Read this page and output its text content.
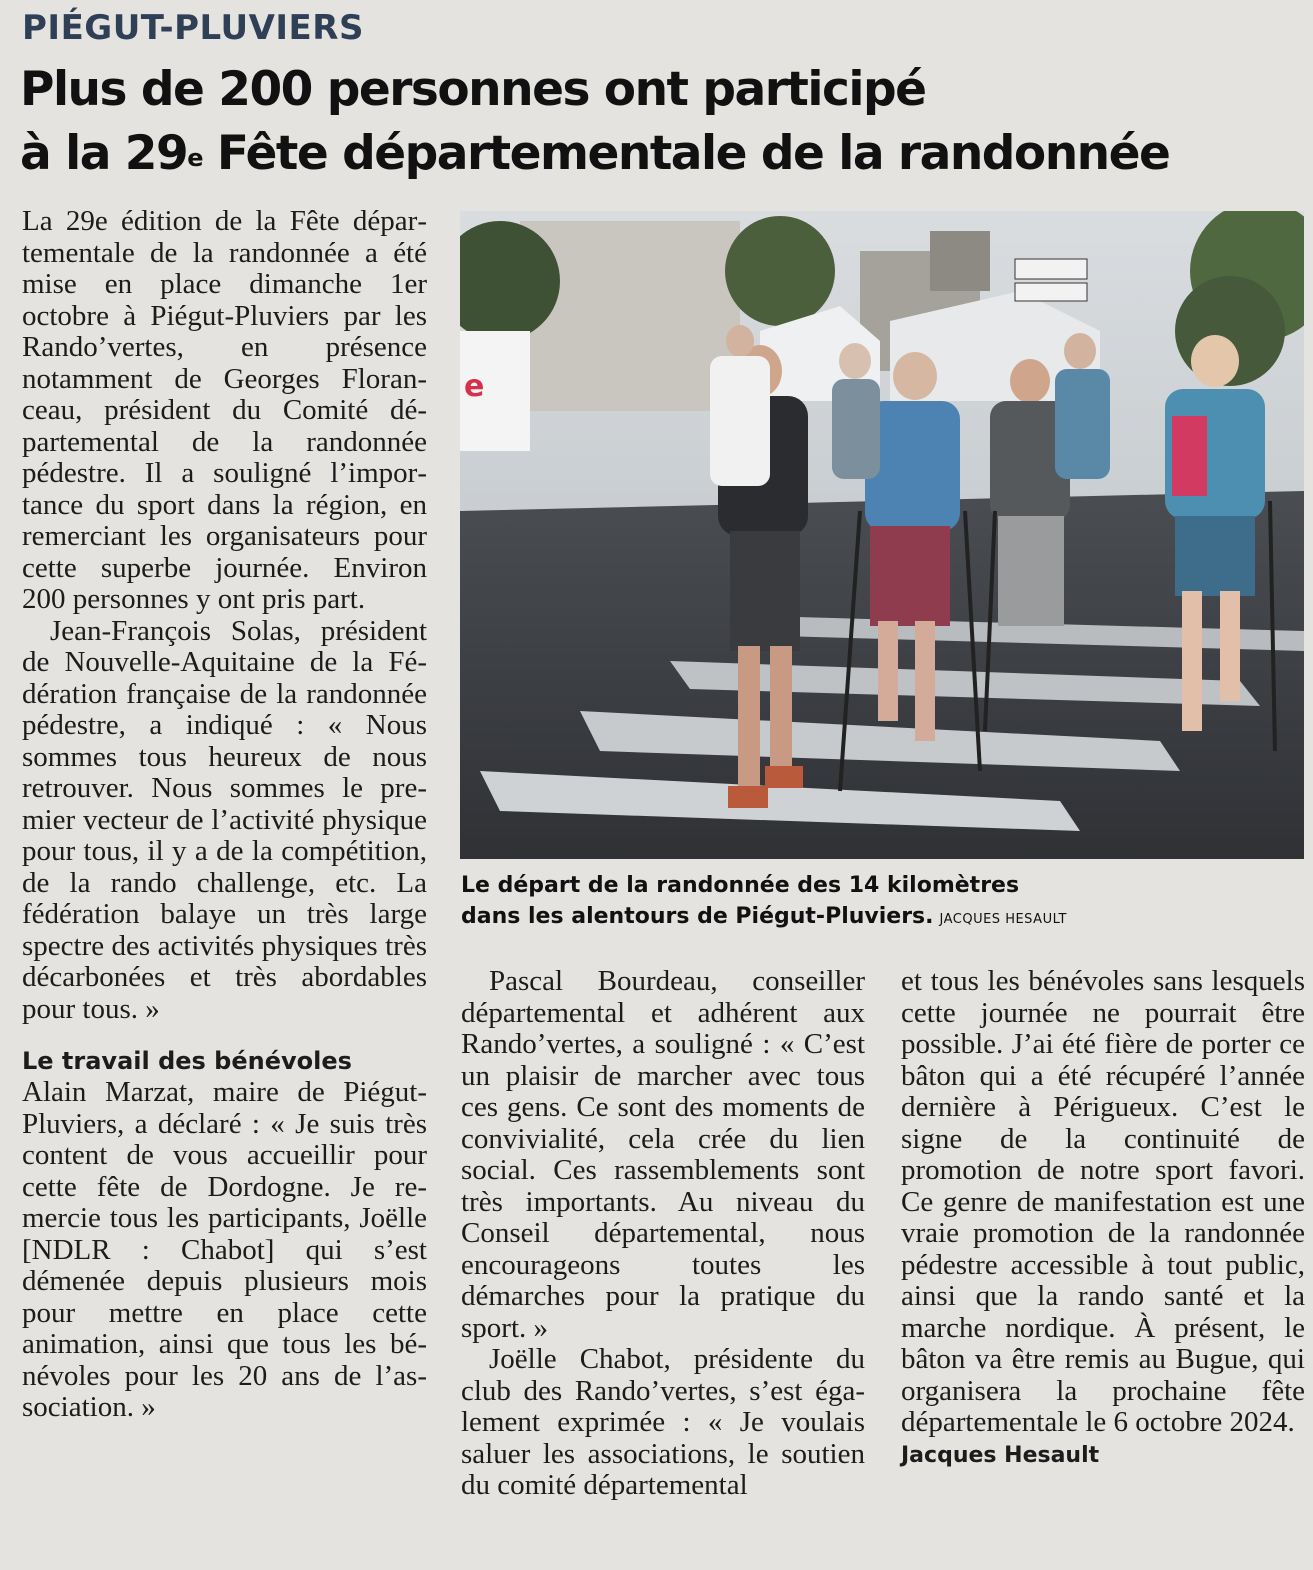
PIÉGUT-PLUVIERS
Plus de 200 personnes ont participé
à la 29e Fête départementale de la randonnée

La 29e édition de la Fête départementale de la randonnée a été mise en place dimanche 1er octobre à Piégut-Pluviers par les Rando’vertes, en présence notamment de Georges Floranceau, président du Comité départemental de la randonnée pédestre. Il a souligné l’importance du sport dans la région, en remerciant les organisateurs pour cette superbe journée. Environ 200 personnes y ont pris part.

Jean-François Solas, président de Nouvelle-Aquitaine de la Fédération française de la randonnée pédestre, a indiqué : « Nous sommes tous heureux de nous retrouver. Nous sommes le premier vecteur de l’activité physique pour tous, il y a de la compétition, de la rando challenge, etc. La fédération balaye un très large spectre des activités physiques très décarbonées et très abordables pour tous. »

Le travail des bénévoles

Alain Marzat, maire de Piégut-Pluviers, a déclaré : « Je suis très content de vous accueillir pour cette fête de Dordogne. Je remercie tous les participants, Joëlle [NDLR : Chabot] qui s’est démenée depuis plusieurs mois pour mettre en place cette animation, ainsi que tous les bénévoles pour les 20 ans de l’association. »

e
Le départ de la randonnée des 14 kilomètres
dans les alentours de Piégut-Pluviers. JACQUES HESAULT

Pascal Bourdeau, conseiller départemental et adhérent aux Rando’vertes, a souligné : « C’est un plaisir de marcher avec tous ces gens. Ce sont des moments de convivialité, cela crée du lien social. Ces rassemblements sont très importants. Au niveau du Conseil départemental, nous encourageons toutes les démarches pour la pratique du sport. »

Joëlle Chabot, présidente du club des Rando’vertes, s’est également exprimée : « Je voulais saluer les associations, le soutien du comité départemental

et tous les bénévoles sans lesquels cette journée ne pourrait être possible. J’ai été fière de porter ce bâton qui a été récupéré l’année dernière à Périgueux. C’est le signe de la continuité de promotion de notre sport favori. Ce genre de manifestation est une vraie promotion de la randonnée pédestre accessible à tout public, ainsi que la rando santé et la marche nordique. À présent, le bâton va être remis au Bugue, qui organisera la prochaine fête départementale le 6 octobre 2024.

Jacques Hesault
